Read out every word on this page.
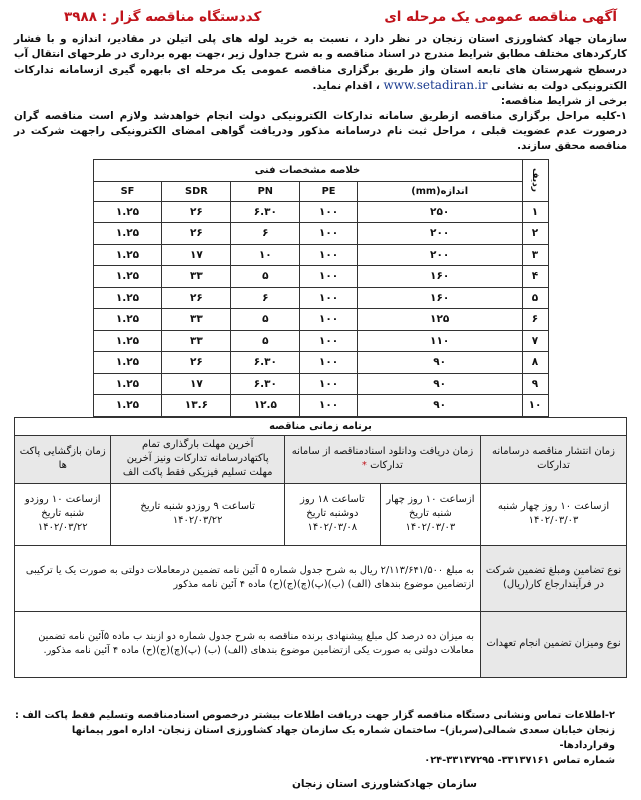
آگهی مناقصه عمومی یک مرحله ای
کددستگاه مناقصه گزار : ۳۹۸۸

سازمان جهاد کشاورزی استان زنجان در نظر دارد ، نسبت به خرید لوله های پلی اتیلن در مقادیر، اندازه و با فشار کارکردهای مختلف مطابق شرایط مندرج در اسناد مناقصه و به شرح جداول زیر ،جهت بهره برداری در طرحهای انتقال آب درسطح شهرستان های تابعه استان واز طریق برگزاری مناقصه عمومی یک مرحله ای بابهره گیری ازسامانه تدارکات الکترونیکی دولت به نشانی www.setadiran.ir ، اقدام نماید.

برخی از شرایط مناقصه:

۱-کلیه مراحل برگزاری مناقصه ازطریق سامانه تدارکات الکترونیکی دولت انجام خواهدشد ولازم است مناقصه گران درصورت عدم عضویت قبلی ، مراحل ثبت نام درسامانه مذکور ودریافت گواهی امضای الکترونیکی راجهت شرکت در مناقصه محقق سازند.

ردیف	خلاصه مشخصات فنی				
	اندازه(mm)	PE	PN	SDR	SF
۱	۲۵۰	۱۰۰	۶.۳۰	۲۶	۱.۲۵
۲	۲۰۰	۱۰۰	۶	۲۶	۱.۲۵
۳	۲۰۰	۱۰۰	۱۰	۱۷	۱.۲۵
۴	۱۶۰	۱۰۰	۵	۳۳	۱.۲۵
۵	۱۶۰	۱۰۰	۶	۲۶	۱.۲۵
۶	۱۲۵	۱۰۰	۵	۳۳	۱.۲۵
۷	۱۱۰	۱۰۰	۵	۳۳	۱.۲۵
۸	۹۰	۱۰۰	۶.۳۰	۲۶	۱.۲۵
۹	۹۰	۱۰۰	۶.۳۰	۱۷	۱.۲۵
۱۰	۹۰	۱۰۰	۱۲.۵	۱۳.۶	۱.۲۵
برنامه زمانی مناقصه				
زمان انتشار مناقصه درسامانه تدارکات	زمان دریافت ودانلود اسنادمناقصه از سامانه تدارکات *		آخرین مهلت بارگذاری تمام پاکتهادرسامانه تدارکات ونیز آخرین مهلت تسلیم فیزیکی فقط پاکت الف	زمان بازگشایی پاکت ها
ازساعت ۱۰ روز چهار شنبه ۱۴۰۲/۰۳/۰۳	ازساعت ۱۰ روز چهار شنبه تاریخ ۱۴۰۲/۰۳/۰۳	تاساعت ۱۸ روز دوشنبه تاریخ ۱۴۰۲/۰۳/۰۸	تاساعت ۹ روزدو شنبه تاریخ ۱۴۰۲/۰۳/۲۲	ازساعت ۱۰ روزدو شنبه تاریخ ۱۴۰۲/۰۳/۲۲
نوع تضامین ومبلغ تضمین شرکت در فرآیندارجاع کار(ریال)	به مبلغ ۲/۱۱۳/۶۴۱/۵۰۰ ریال به شرح جدول شماره ۵ آئین نامه تضمین درمعاملات دولتی به صورت یک یا ترکیبی ازتضامین موضوع بندهای (الف) (ب)(پ)(چ)(ج)(ح) ماده ۴ آئین نامه مذکور			
نوع ومیزان تضمین انجام تعهدات	به میزان ده درصد کل مبلغ پیشنهادی برنده مناقصه به شرح جدول شماره دو ازبند ب ماده ۵آئین نامه تضمین معاملات دولتی به صورت یکی ازتضامین موضوع بندهای (الف) (ب) (پ)(چ)(ج)(ح) ماده ۴ آئین نامه مذکور.			

۲-اطلاعات تماس ونشانی دستگاه مناقصه گزار جهت دریافت اطلاعات بیشتر درخصوص اسنادمناقصه وتسلیم فقط پاکت الف :

زنجان خیابان سعدی شمالی(سرباز)– ساختمان شماره یک سازمان جهاد کشاورزی استان زنجان- اداره امور پیمانها وقراردادها-

شماره تماس ۳۳۱۳۷۱۶۱- ۳۳۱۳۷۲۹۵-۰۲۴

سازمان جهادکشاورزی استان زنجان
